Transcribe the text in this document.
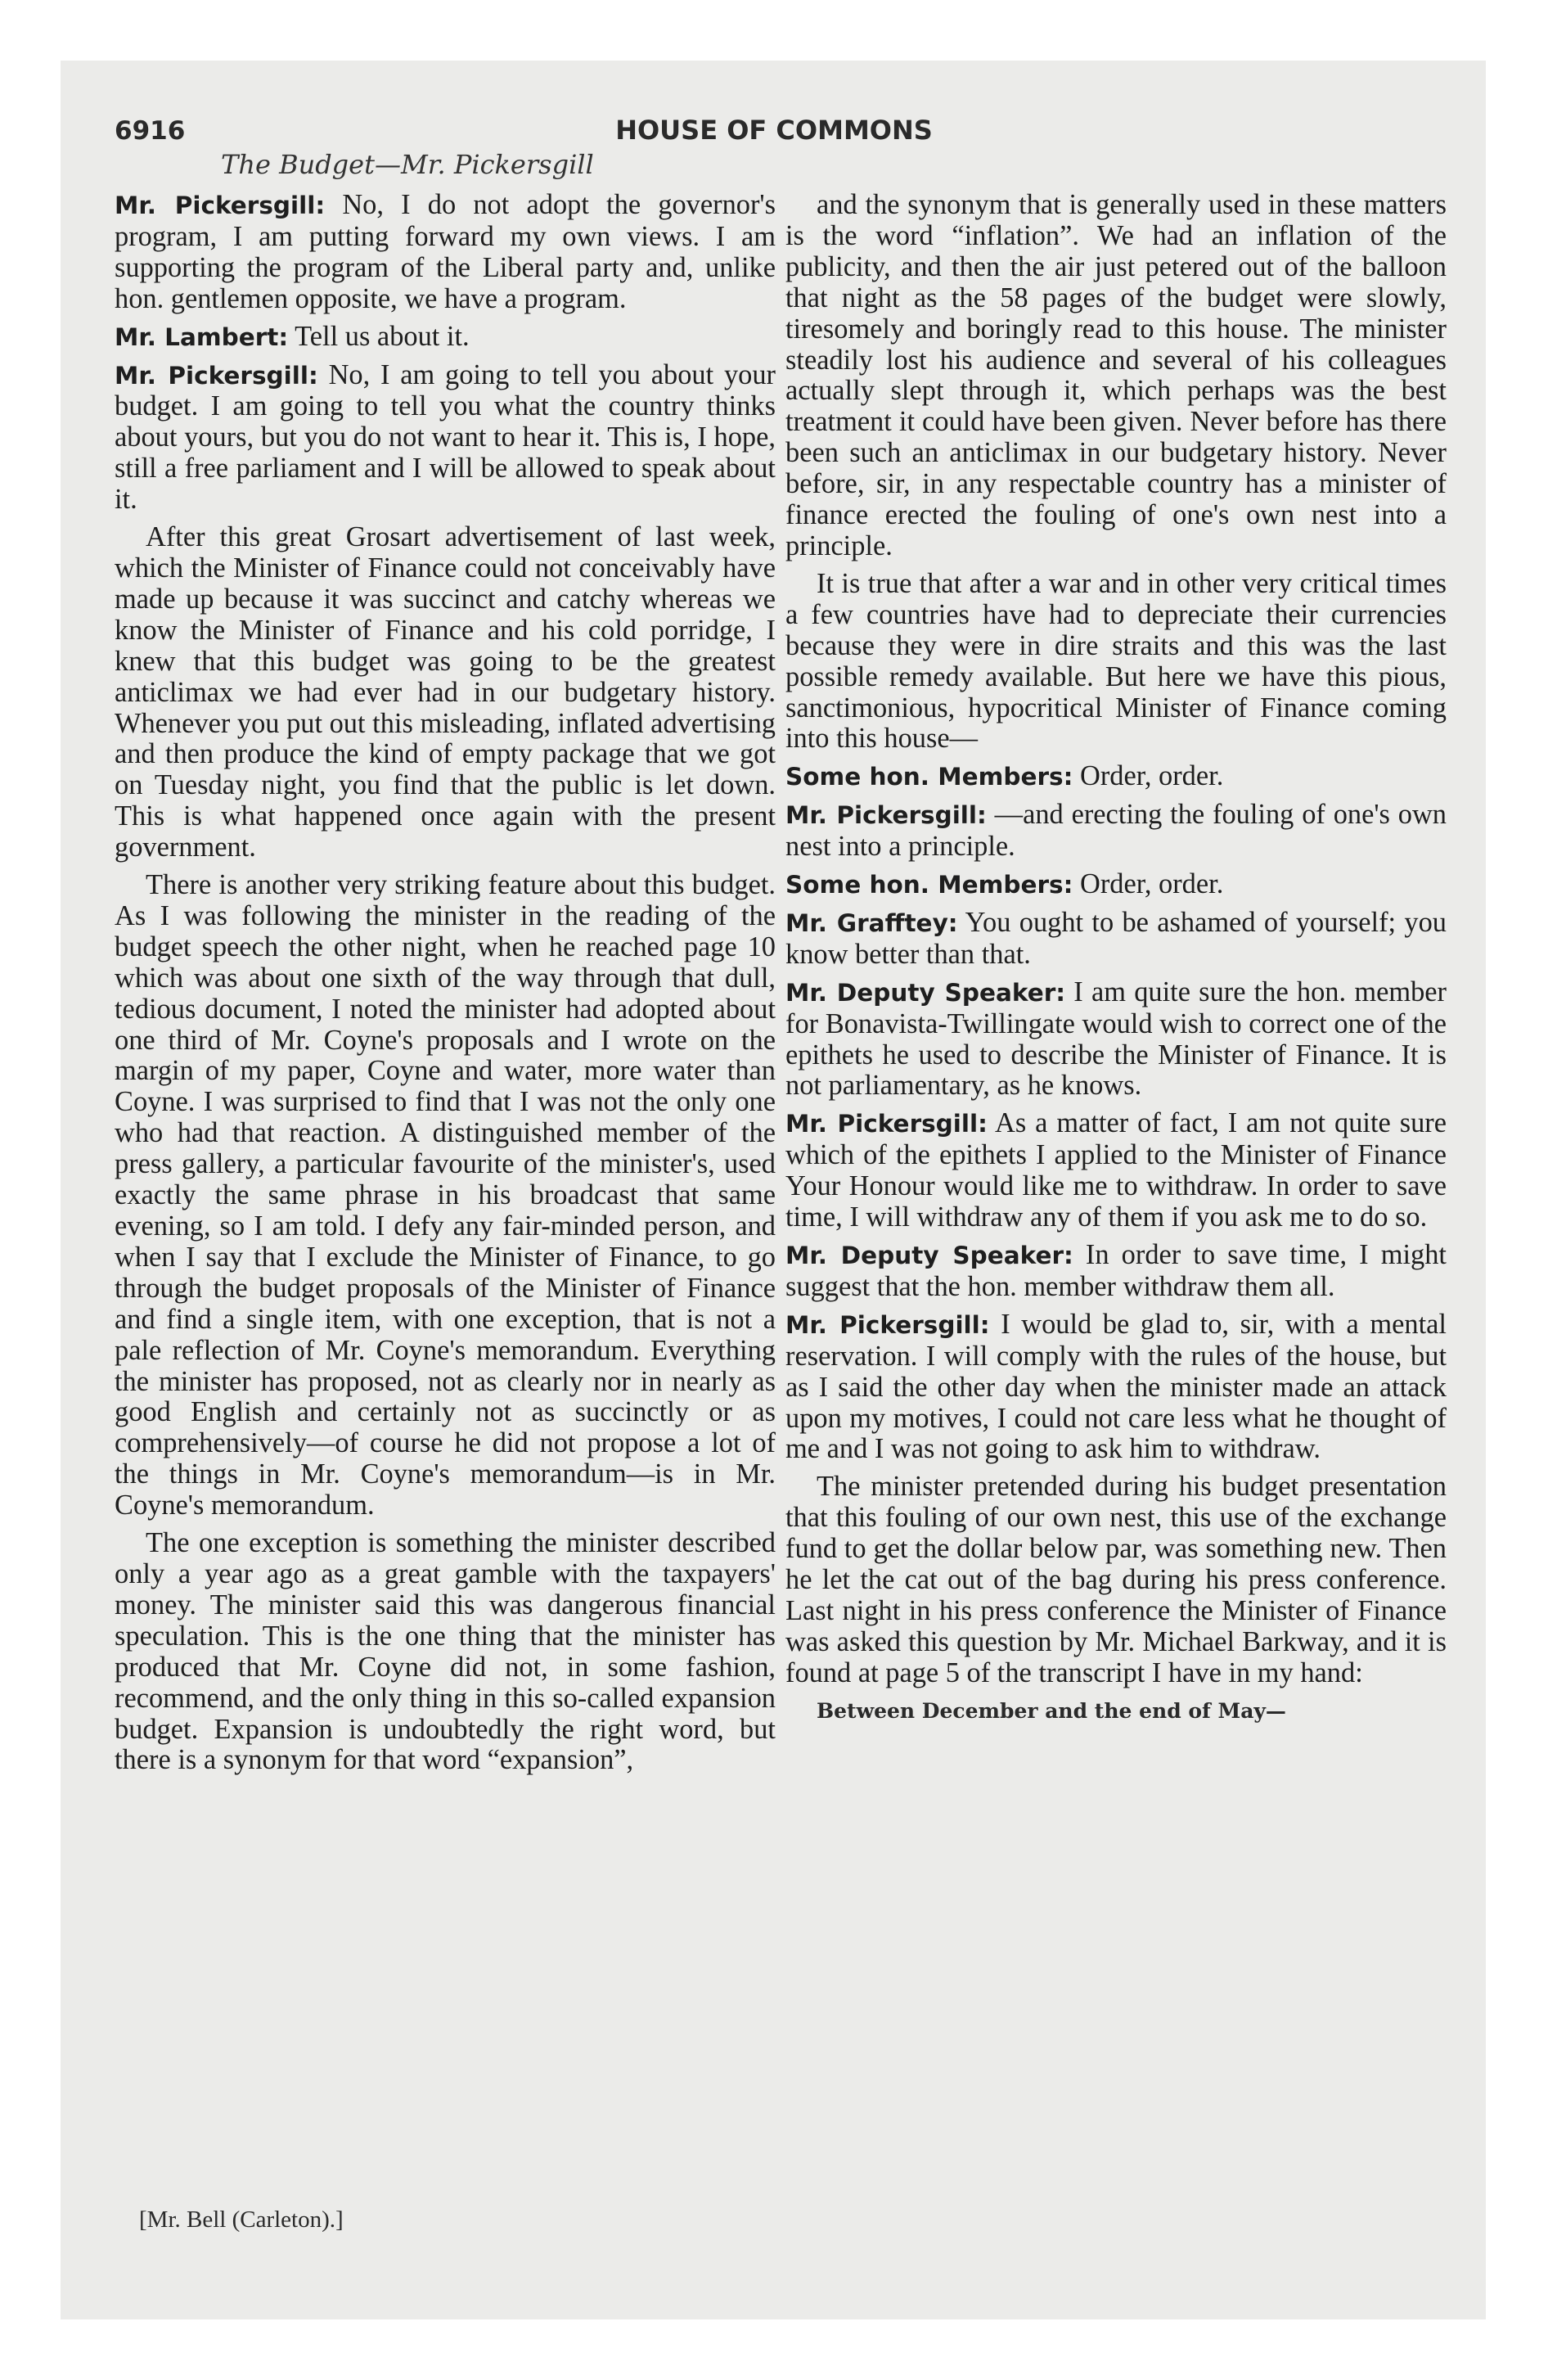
6916	HOUSE OF COMMONS
The Budget—Mr. Pickersgill

Mr. Pickersgill: No, I do not adopt the governor's program, I am putting forward my own views. I am supporting the program of the Liberal party and, unlike hon. gentlemen opposite, we have a program.

Mr. Lambert: Tell us about it.

Mr. Pickersgill: No, I am going to tell you about your budget. I am going to tell you what the country thinks about yours, but you do not want to hear it. This is, I hope, still a free parliament and I will be allowed to speak about it.

After this great Grosart advertisement of last week, which the Minister of Finance could not conceivably have made up because it was succinct and catchy whereas we know the Minister of Finance and his cold porridge, I knew that this budget was going to be the greatest anticlimax we had ever had in our budgetary history. Whenever you put out this misleading, inflated advertising and then produce the kind of empty package that we got on Tuesday night, you find that the public is let down. This is what happened once again with the present government.

There is another very striking feature about this budget. As I was following the minister in the reading of the budget speech the other night, when he reached page 10 which was about one sixth of the way through that dull, tedious document, I noted the minister had adopted about one third of Mr. Coyne's proposals and I wrote on the margin of my paper, Coyne and water, more water than Coyne. I was surprised to find that I was not the only one who had that reaction. A distinguished member of the press gallery, a particular favourite of the minister's, used exactly the same phrase in his broadcast that same evening, so I am told. I defy any fair-minded person, and when I say that I exclude the Minister of Finance, to go through the budget proposals of the Minister of Finance and find a single item, with one exception, that is not a pale reflection of Mr. Coyne's memorandum. Everything the minister has proposed, not as clearly nor in nearly as good English and certainly not as succinctly or as comprehensively—of course he did not propose a lot of the things in Mr. Coyne's memorandum—is in Mr. Coyne's memorandum.

The one exception is something the minister described only a year ago as a great gamble with the taxpayers' money. The minister said this was dangerous financial speculation. This is the one thing that the minister has produced that Mr. Coyne did not, in some fashion, recommend, and the only thing in this so-called expansion budget. Expansion is undoubtedly the right word, but there is a synonym for that word “expansion”,

and the synonym that is generally used in these matters is the word “inflation”. We had an inflation of the publicity, and then the air just petered out of the balloon that night as the 58 pages of the budget were slowly, tiresomely and boringly read to this house. The minister steadily lost his audience and several of his colleagues actually slept through it, which perhaps was the best treatment it could have been given. Never before has there been such an anticlimax in our budgetary history. Never before, sir, in any respectable country has a minister of finance erected the fouling of one's own nest into a principle.

It is true that after a war and in other very critical times a few countries have had to depreciate their currencies because they were in dire straits and this was the last possible remedy available. But here we have this pious, sanctimonious, hypocritical Minister of Finance coming into this house—

Some hon. Members: Order, order.

Mr. Pickersgill: —and erecting the fouling of one's own nest into a principle.

Some hon. Members: Order, order.

Mr. Grafftey: You ought to be ashamed of yourself; you know better than that.

Mr. Deputy Speaker: I am quite sure the hon. member for Bonavista-Twillingate would wish to correct one of the epithets he used to describe the Minister of Finance. It is not parliamentary, as he knows.

Mr. Pickersgill: As a matter of fact, I am not quite sure which of the epithets I applied to the Minister of Finance Your Honour would like me to withdraw. In order to save time, I will withdraw any of them if you ask me to do so.

Mr. Deputy Speaker: In order to save time, I might suggest that the hon. member withdraw them all.

Mr. Pickersgill: I would be glad to, sir, with a mental reservation. I will comply with the rules of the house, but as I said the other day when the minister made an attack upon my motives, I could not care less what he thought of me and I was not going to ask him to withdraw.

The minister pretended during his budget presentation that this fouling of our own nest, this use of the exchange fund to get the dollar below par, was something new. Then he let the cat out of the bag during his press conference. Last night in his press conference the Minister of Finance was asked this question by Mr. Michael Barkway, and it is found at page 5 of the transcript I have in my hand:

Between December and the end of May—
[Mr. Bell (Carleton).]
